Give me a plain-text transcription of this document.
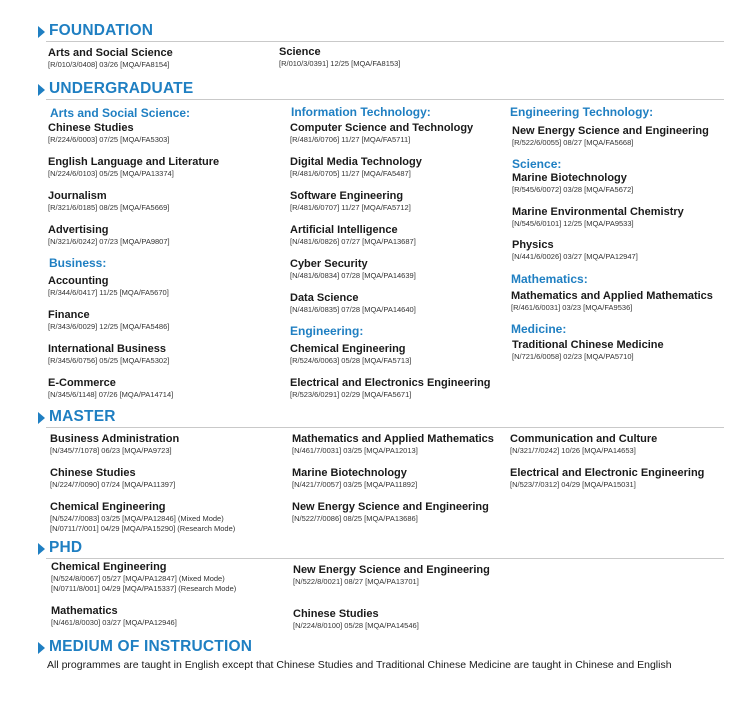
FOUNDATION
Arts and Social Science
[R/010/3/0408] 03/26 [MQA/FA8154]
Science
[R/010/3/0391] 12/25 [MQA/FA8153]
UNDERGRADUATE
Arts and Social Science:
Chinese Studies
[R/224/6/0003] 07/25 [MQA/FA5303]
English Language and Literature
[N/224/6/0103] 05/25 [MQA/PA13374]
Journalism
[R/321/6/0185] 08/25 [MQA/FA5669]
Advertising
[N/321/6/0242] 07/23 [MQA/PA9807]
Business:
Accounting
[R/344/6/0417] 11/25 [MQA/FA5670]
Finance
[R/343/6/0029] 12/25 [MQA/FA5486]
International Business
[R/345/6/0756] 05/25 [MQA/FA5302]
E-Commerce
[N/345/6/1148] 07/26 [MQA/PA14714]
Information Technology:
Computer Science and Technology
[R/481/6/0706] 11/27 [MQA/FA5711]
Digital Media Technology
[R/481/6/0705] 11/27 [MQA/FA5487]
Software Engineering
[R/481/6/0707] 11/27 [MQA/FA5712]
Artificial Intelligence
[N/481/6/0826] 07/27 [MQA/PA13687]
Cyber Security
[N/481/6/0834] 07/28 [MQA/PA14639]
Data Science
[N/481/6/0835] 07/28 [MQA/PA14640]
Engineering:
Chemical Engineering
[R/524/6/0063] 05/28 [MQA/FA5713]
Electrical and Electronics Engineering
[R/523/6/0291] 02/29 [MQA/FA5671]
Engineering Technology:
New Energy Science and Engineering
[R/522/6/0055] 08/27 [MQA/FA5668]
Science:
Marine Biotechnology
[R/545/6/0072] 03/28 [MQA/FA5672]
Marine Environmental Chemistry
[N/545/6/0101] 12/25 [MQA/PA9533]
Physics
[N/441/6/0026] 03/27 [MQA/PA12947]
Mathematics:
Mathematics and Applied Mathematics
[R/461/6/0031] 03/23 [MQA/FA9536]
Medicine:
Traditional Chinese Medicine
[N/721/6/0058] 02/23 [MQA/PA5710]
MASTER
Business Administration
[N/345/7/1078] 06/23 [MQA/PA9723]
Chinese Studies
[N/224/7/0090] 07/24 [MQA/PA11397]
Chemical Engineering
[N/524/7/0083] 03/25 [MQA/PA12846] (Mixed Mode)
[N/0711/7/001] 04/29 [MQA/PA15290] (Research Mode)
Mathematics and Applied Mathematics
[N/461/7/0031] 03/25 [MQA/PA12013]
Marine Biotechnology
[N/421/7/0057] 03/25 [MQA/PA11892]
New Energy Science and Engineering
[N/522/7/0086] 08/25 [MQA/PA13686]
Communication and Culture
[N/321/7/0242] 10/26 [MQA/PA14653]
Electrical and Electronic Engineering
[N/523/7/0312] 04/29 [MQA/PA15031]
PHD
Chemical Engineering
[N/524/8/0067] 05/27 [MQA/PA12847] (Mixed Mode)
[N/0711/8/001] 04/29 [MQA/PA15337] (Research Mode)
Mathematics
[N/461/8/0030] 03/27 [MQA/PA12946]
New Energy Science and Engineering
[N/522/8/0021] 08/27 [MQA/PA13701]
Chinese Studies
[N/224/8/0100] 05/28 [MQA/PA14546]
MEDIUM OF INSTRUCTION
All programmes are taught in English except that Chinese Studies and Traditional Chinese Medicine are taught in Chinese and English
